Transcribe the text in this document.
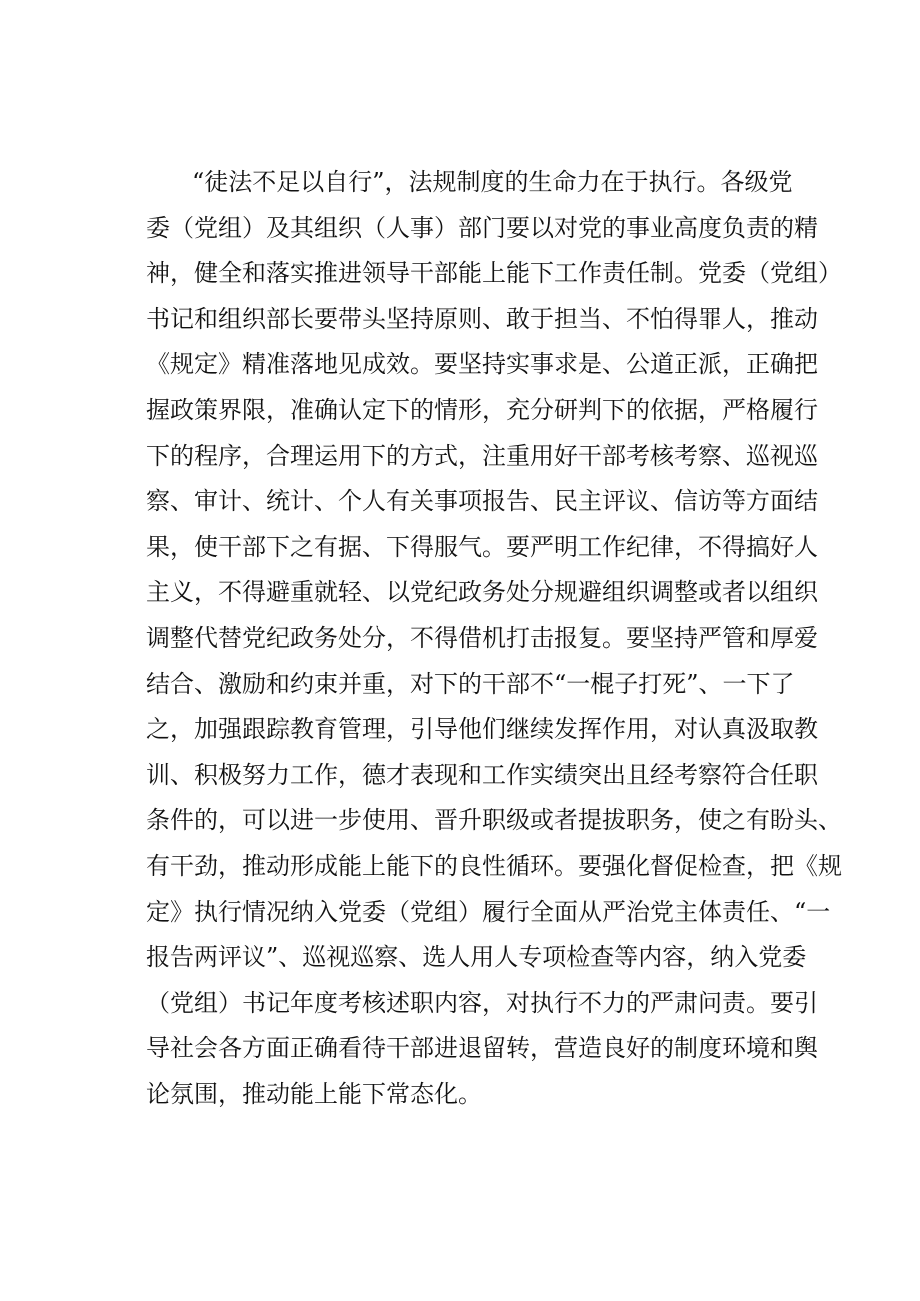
“徒法不足以自行”，法规制度的生命力在于执行。各级党
委（党组）及其组织（人事）部门要以对党的事业高度负责的精
神，健全和落实推进领导干部能上能下工作责任制。党委（党组）
书记和组织部长要带头坚持原则、敢于担当、不怕得罪人，推动
《规定》精准落地见成效。要坚持实事求是、公道正派，正确把
握政策界限，准确认定下的情形，充分研判下的依据，严格履行
下的程序，合理运用下的方式，注重用好干部考核考察、巡视巡
察、审计、统计、个人有关事项报告、民主评议、信访等方面结
果，使干部下之有据、下得服气。要严明工作纪律，不得搞好人
主义，不得避重就轻、以党纪政务处分规避组织调整或者以组织
调整代替党纪政务处分，不得借机打击报复。要坚持严管和厚爱
结合、激励和约束并重，对下的干部不“一棍子打死”、一下了
之，加强跟踪教育管理，引导他们继续发挥作用，对认真汲取教
训、积极努力工作，德才表现和工作实绩突出且经考察符合任职
条件的，可以进一步使用、晋升职级或者提拔职务，使之有盼头、
有干劲，推动形成能上能下的良性循环。要强化督促检查，把《规
定》执行情况纳入党委（党组）履行全面从严治党主体责任、“一
报告两评议”、巡视巡察、选人用人专项检查等内容，纳入党委
（党组）书记年度考核述职内容，对执行不力的严肃问责。要引
导社会各方面正确看待干部进退留转，营造良好的制度环境和舆
论氛围，推动能上能下常态化。
